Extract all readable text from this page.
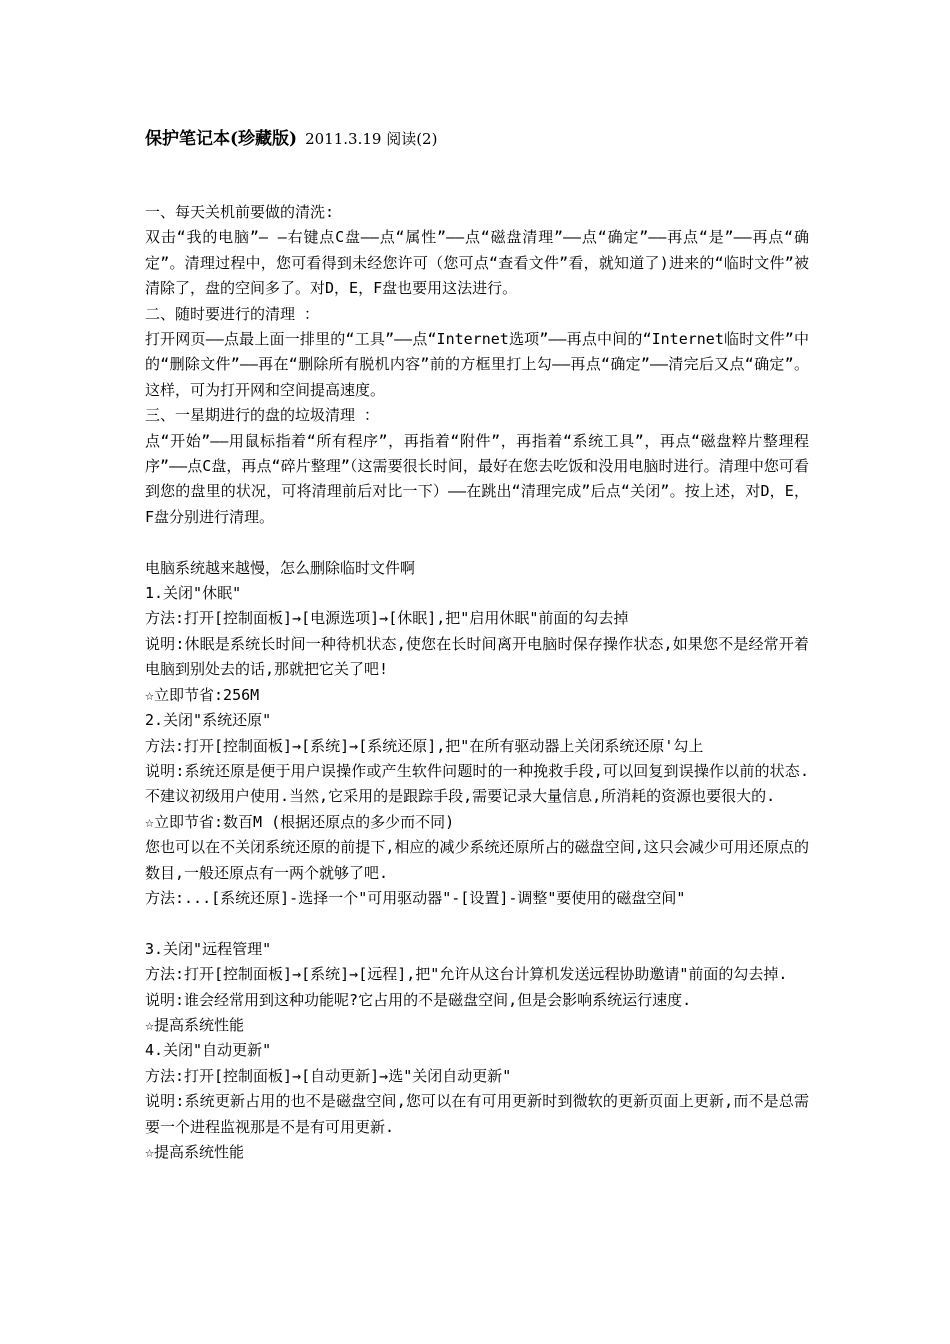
保护笔记本(珍藏版) 2011.3.19 阅读(2)

一、每天关机前要做的清洗:

双击“我的电脑”— —右键点C盘——点“属性”——点“磁盘清理”——点“确定”——再点“是”——再点“确定”。清理过程中，您可看得到未经您许可（您可点“查看文件”看，就知道了)进来的“临时文件”被清除了，盘的空间多了。对D，E，F盘也要用这法进行。

二、随时要进行的清理 ：

打开网页——点最上面一排里的“工具”——点“Internet选项”——再点中间的“Internet临时文件”中的“删除文件”——再在“删除所有脱机内容”前的方框里打上勾——再点“确定”——清完后又点“确定”。这样，可为打开网和空间提高速度。

三、一星期进行的盘的垃圾清理 ：

点“开始”——用鼠标指着“所有程序”，再指着“附件”，再指着“系统工具”，再点“磁盘粹片整理程序”——点C盘，再点“碎片整理”（这需要很长时间，最好在您去吃饭和没用电脑时进行。清理中您可看到您的盘里的状况，可将清理前后对比一下）——在跳出“清理完成”后点“关闭”。按上述，对D，E，F盘分别进行清理。

电脑系统越来越慢，怎么删除临时文件啊

1.关闭"休眠"

方法:打开[控制面板]→[电源选项]→[休眠],把"启用休眠"前面的勾去掉

说明:休眠是系统长时间一种待机状态,使您在长时间离开电脑时保存操作状态,如果您不是经常开着电脑到别处去的话,那就把它关了吧!

☆立即节省:256M

2.关闭"系统还原"

方法:打开[控制面板]→[系统]→[系统还原],把"在所有驱动器上关闭系统还原'勾上

说明:系统还原是便于用户误操作或产生软件问题时的一种挽救手段,可以回复到误操作以前的状态.不建议初级用户使用.当然,它采用的是跟踪手段,需要记录大量信息,所消耗的资源也要很大的.

☆立即节省:数百M (根据还原点的多少而不同)

您也可以在不关闭系统还原的前提下,相应的减少系统还原所占的磁盘空间,这只会减少可用还原点的数目,一般还原点有一两个就够了吧.

方法:...[系统还原]-选择一个"可用驱动器"-[设置]-调整"要使用的磁盘空间"

3.关闭"远程管理"

方法:打开[控制面板]→[系统]→[远程],把"允许从这台计算机发送远程协助邀请"前面的勾去掉.

说明:谁会经常用到这种功能呢?它占用的不是磁盘空间,但是会影响系统运行速度.

☆提高系统性能

4.关闭"自动更新"

方法:打开[控制面板]→[自动更新]→选"关闭自动更新"

说明:系统更新占用的也不是磁盘空间,您可以在有可用更新时到微软的更新页面上更新,而不是总需要一个进程监视那是不是有可用更新.

☆提高系统性能
